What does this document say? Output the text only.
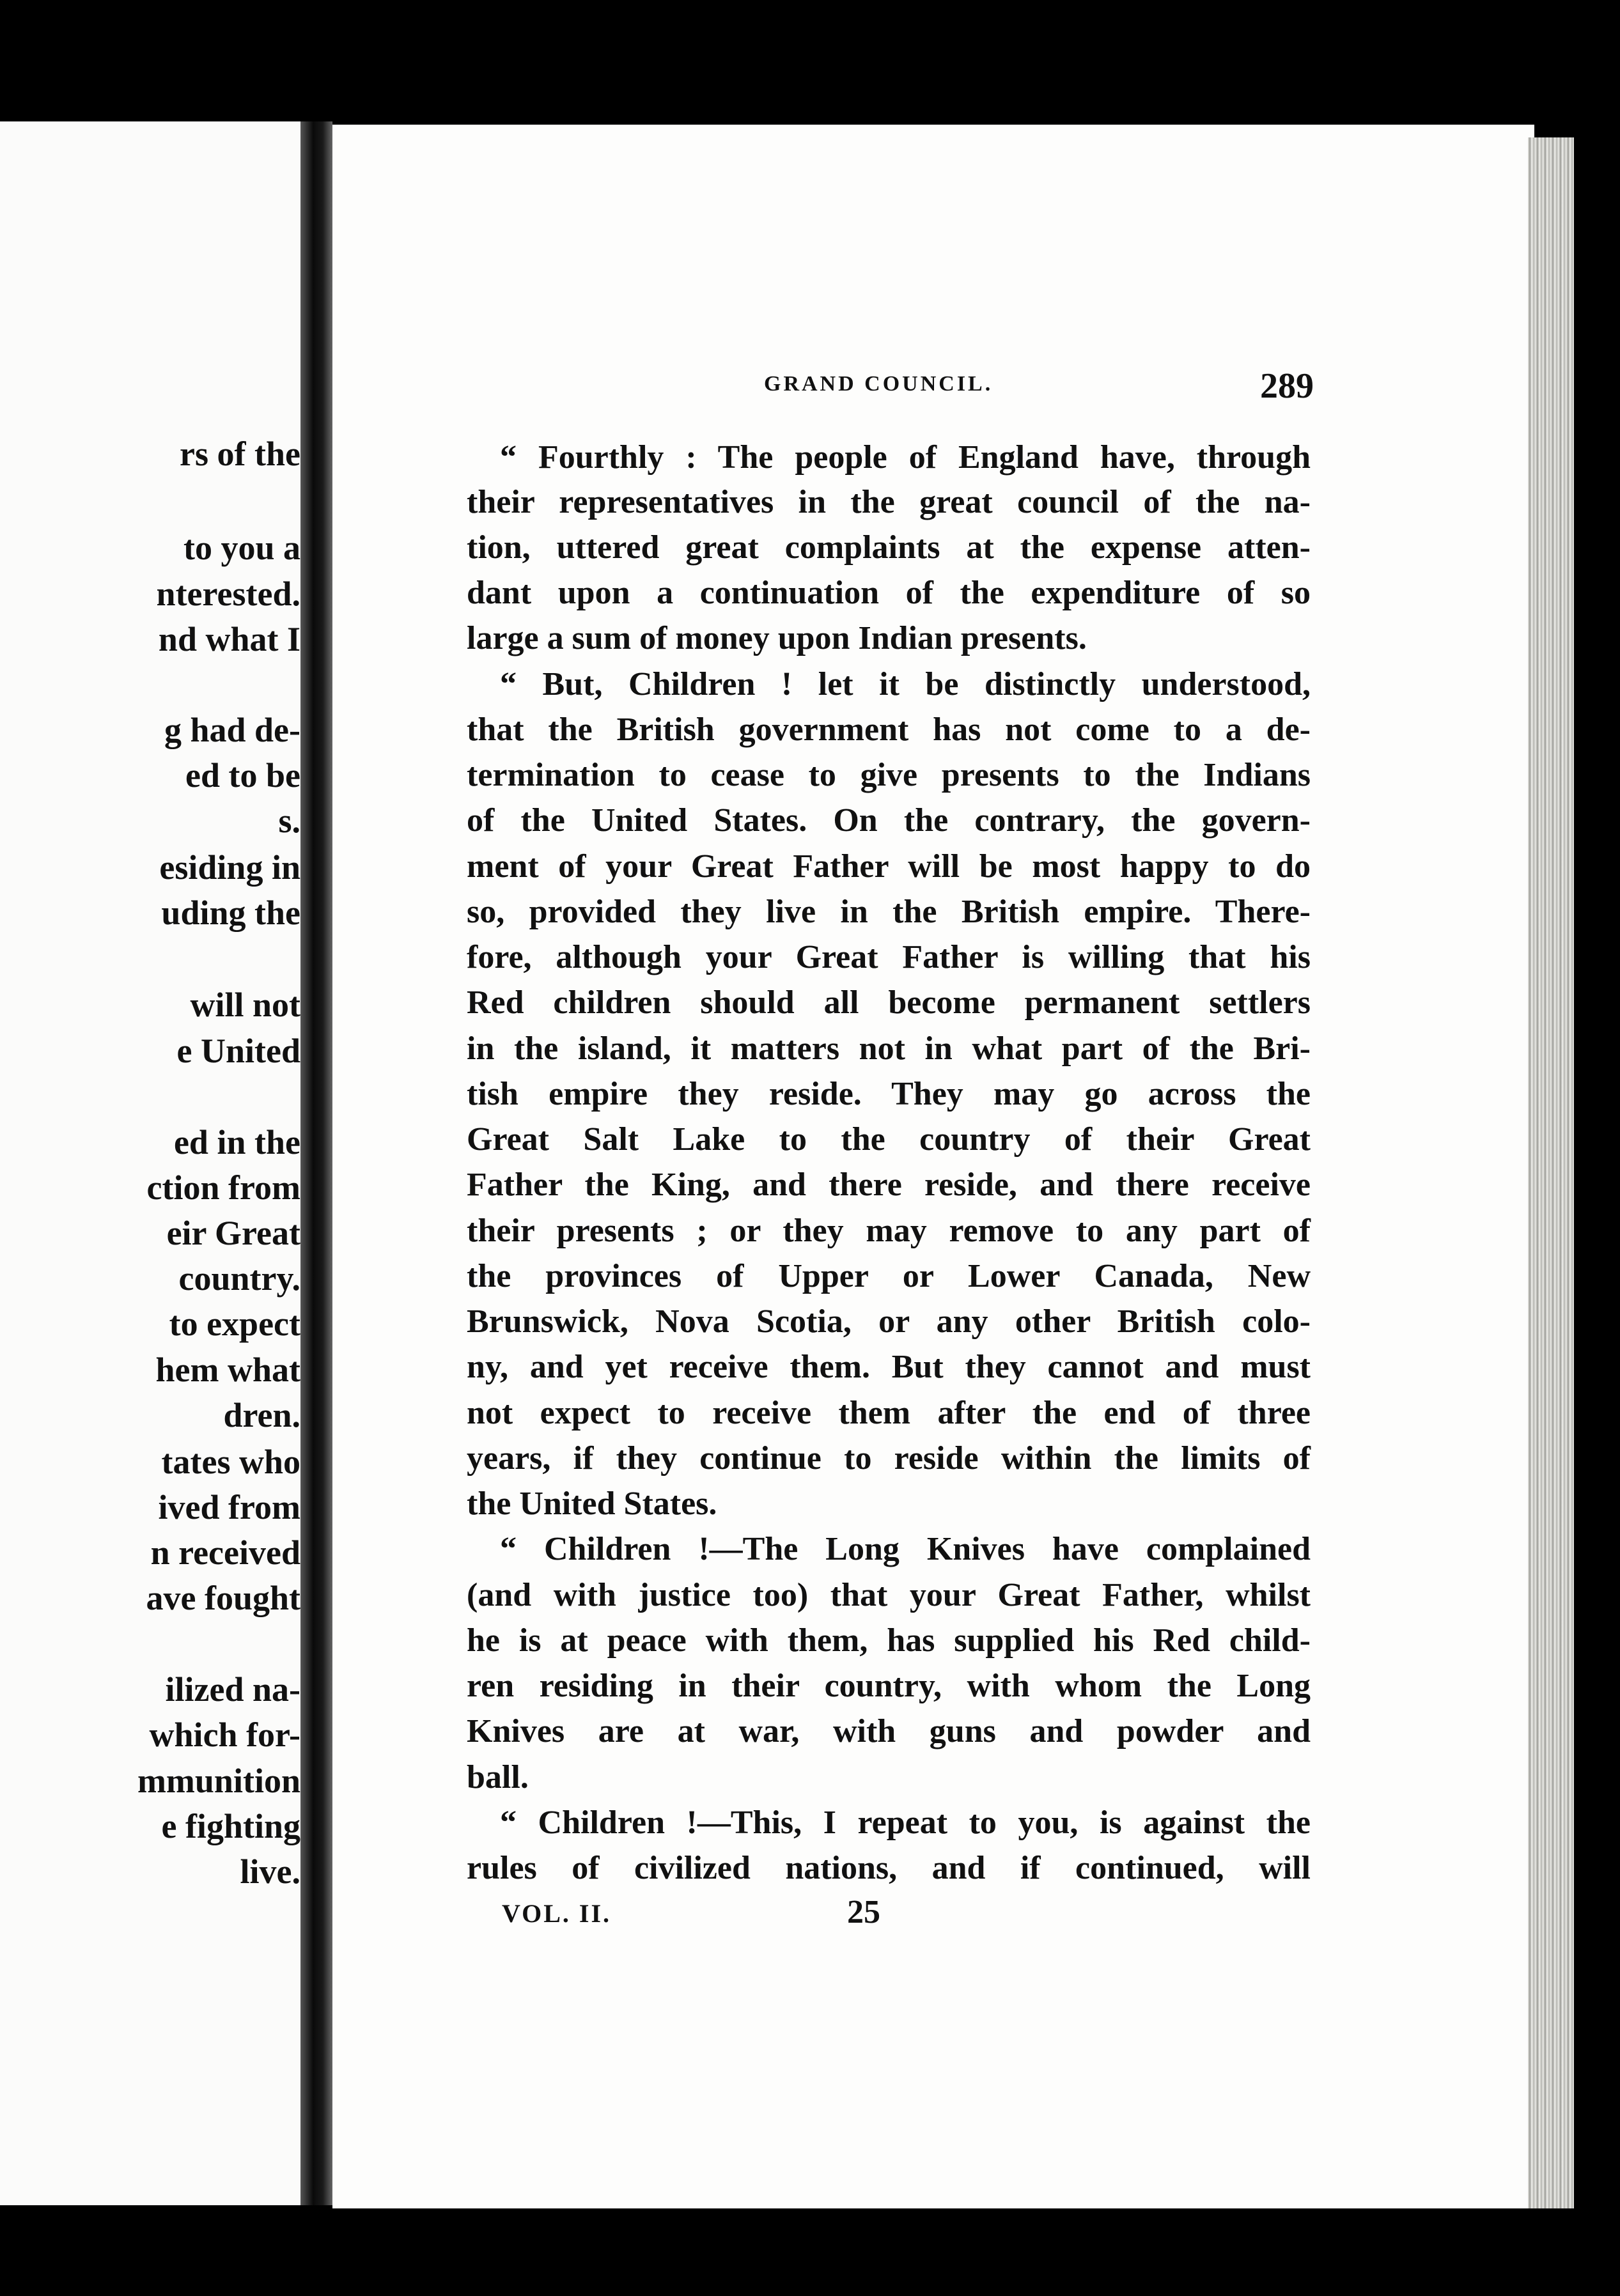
rs of the
to you a
nterested.
nd what I
g had de-
ed to be
s.
esiding in
uding the
will not
e United
ed in the
ction from
eir Great
country.
to expect
hem what
dren.
tates who
ived from
n received
ave fought
ilized na-
which for-
mmunition
e fighting
live.
GRAND COUNCIL.	289
“ Fourthly : The people of England have, through
their representatives in the great council of the na-
tion, uttered great complaints at the expense atten-
dant upon a continuation of the expenditure of so
large a sum of money upon Indian presents.
“ But, Children ! let it be distinctly understood,
that the British government has not come to a de-
termination to cease to give presents to the Indians
of the United States. On the contrary, the govern-
ment of your Great Father will be most happy to do
so, provided they live in the British empire. There-
fore, although your Great Father is willing that his
Red children should all become permanent settlers
in the island, it matters not in what part of the Bri-
tish empire they reside. They may go across the
Great Salt Lake to the country of their Great
Father the King, and there reside, and there receive
their presents ; or they may remove to any part of
the provinces of Upper or Lower Canada, New
Brunswick, Nova Scotia, or any other British colo-
ny, and yet receive them. But they cannot and must
not expect to receive them after the end of three
years, if they continue to reside within the limits of
the United States.
“ Children !—The Long Knives have complained
(and with justice too) that your Great Father, whilst
he is at peace with them, has supplied his Red child-
ren residing in their country, with whom the Long
Knives are at war, with guns and powder and
ball.
“ Children !—This, I repeat to you, is against the
rules of civilized nations, and if continued, will
VOL. II.	25
